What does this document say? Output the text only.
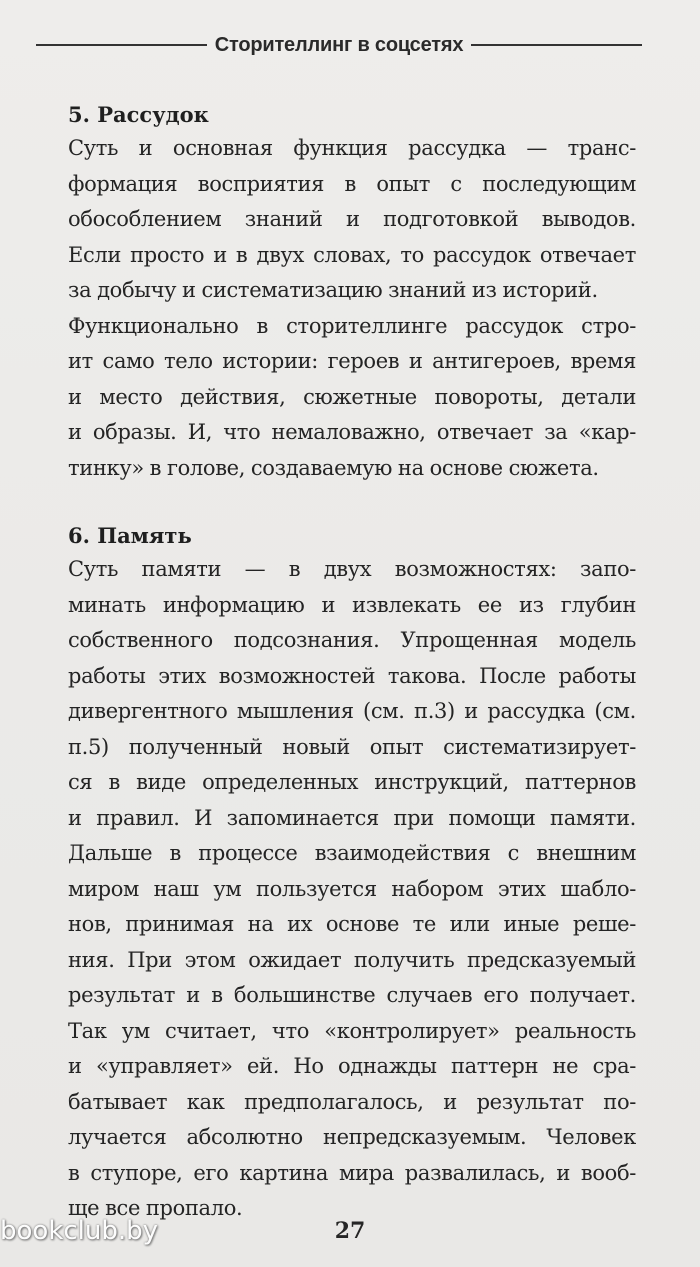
Сторителлинг в соцсетях
5. Рассудок
Суть и основная функция рассудка — транс-
формация восприятия в опыт с последующим
обособлением знаний и подготовкой выводов.
Если просто и в двух словах, то рассудок отвечает
за добычу и систематизацию знаний из историй.
Функционально в сторителлинге рассудок стро-
ит само тело истории: героев и антигероев, время
и место действия, сюжетные повороты, детали
и образы. И, что немаловажно, отвечает за «кар-
тинку» в голове, создаваемую на основе сюжета.
6. Память
Суть памяти — в двух возможностях: запо-
минать информацию и извлекать ее из глубин
собственного подсознания. Упрощенная модель
работы этих возможностей такова. После работы
дивергентного мышления (см. п.3) и рассудка (см.
п.5) полученный новый опыт систематизирует-
ся в виде определенных инструкций, паттернов
и правил. И запоминается при помощи памяти.
Дальше в процессе взаимодействия с внешним
миром наш ум пользуется набором этих шабло-
нов, принимая на их основе те или иные реше-
ния. При этом ожидает получить предсказуемый
результат и в большинстве случаев его получает.
Так ум считает, что «контролирует» реальность
и «управляет» ей. Но однажды паттерн не сра-
батывает как предполагалось, и результат по-
лучается абсолютно непредсказуемым. Человек
в ступоре, его картина мира развалилась, и вооб-
ще все пропало.
27
bookclub.by
